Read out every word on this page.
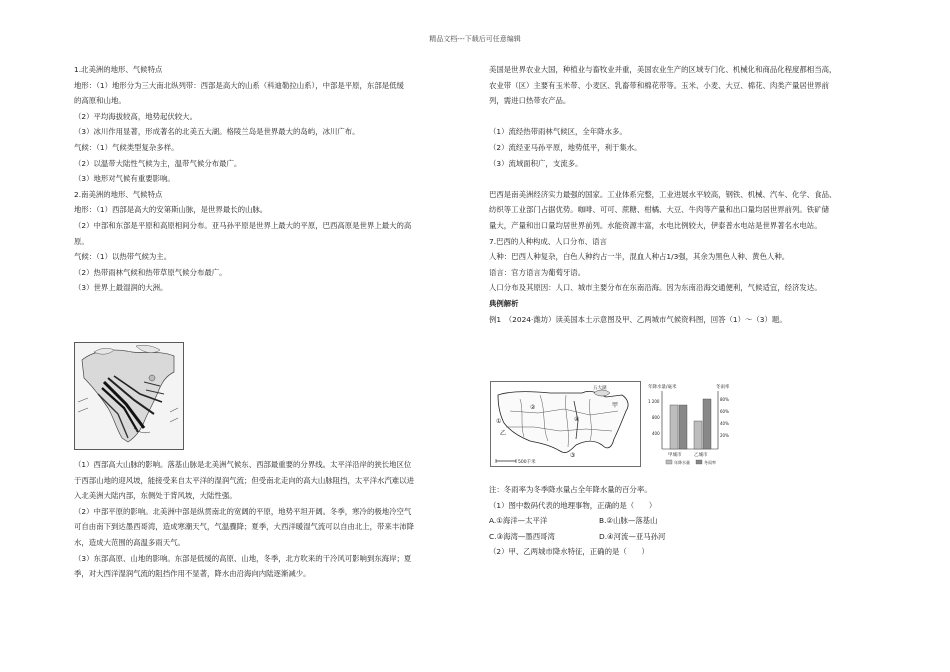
精品文档---下载后可任意编辑

1.北美洲的地形、气候特点

地形：（1）地形分为三大南北纵列带：西部是高大的山系（科迪勒拉山系），中部是平原，东部是低缓

的高原和山地。

（2）平均海拔较高，地势起伏较大。

（3）冰川作用显著，形成著名的北美五大湖。格陵兰岛是世界最大的岛屿，冰川广布。

气候：（1）气候类型复杂多样。

（2）以温带大陆性气候为主，温带气候分布最广。

（3）地形对气候有重要影响。

2.南美洲的地形、气候特点

地形：（1）西部是高大的安第斯山脉，是世界最长的山脉。

（2）中部和东部是平原和高原相间分布。亚马孙平原是世界上最大的平原，巴西高原是世界上最大的高

原。

气候：（1）以热带气候为主。

（2）热带雨林气候和热带草原气候分布最广。

（3）世界上最湿润的大洲。

（1）西部高大山脉的影响。落基山脉是北美洲气候东、西部最重要的分界线。太平洋沿岸的狭长地区位

于西部山地的迎风坡，能接受来自太平洋的湿润气流；但受南北走向的高大山脉阻挡，太平洋水汽难以进

入北美洲大陆内部，东侧处于背风坡，大陆性强。

（2）中部平原的影响。北美洲中部是纵贯南北的宽阔的平原，地势平坦开阔。冬季，寒冷的极地冷空气

可自由南下到达墨西哥湾，造成寒潮天气，气温骤降；夏季，大西洋暖湿气流可以自由北上，带来丰沛降

水，造成大范围的高温多雨天气。

（3）东部高原、山地的影响。东部是低缓的高原、山地，冬季，北方吹来的干冷风可影响到东海岸；夏

季，对大西洋湿润气流的阻挡作用不显著，降水由沿海向内陆逐渐减少。

美国是世界农业大国，种植业与畜牧业并重，美国农业生产的区域专门化、机械化和商品化程度都相当高，

农业带（区）主要有玉米带、小麦区、乳畜带和棉花带等。玉米、小麦、大豆、棉花、肉类产量居世界前

列，需进口热带农产品。

（1）流经热带雨林气候区，全年降水多。

（2）流经亚马孙平原，地势低平，利于集水。

（3）流域面积广，支流多。

巴西是南美洲经济实力最强的国家。工业体系完整，工业进展水平较高，钢铁、机械、汽车、化学、食品、

纺织等工业部门占据优势。咖啡、可可、蔗糖、柑橘、大豆、牛肉等产量和出口量均居世界前列。铁矿储

量大，产量和出口量均居世界前列。水能资源丰富，水电比例较大，伊泰普水电站是世界著名水电站。

7.巴西的人种构成、人口分布、语言

人种：巴西人种复杂，白色人种约占一半，混血人种占1/3强，其余为黑色人种、黄色人种。

语言：官方语言为葡萄牙语。

人口分布及其原因：人口、城市主要分布在东南沿海。因为东南沿海交通便利，气候适宜，经济发达。

典例解析

例1　（2024·潍坊）读美国本土示意图及甲、乙两城市气候资料图，回答（1）～（3）题。

五大湖
①
②
③
④
乙
甲
500千米
年降水量/毫米	冬雨率
1 200
800
400
80%
60%
40%
20%
甲城市	乙城市
年降水量	冬雨率

注：冬雨率为冬季降水量占全年降水量的百分率。

（1）图中数码代表的地理事物，正确的是（　　）

A.①海洋—太平洋	B.②山脉—落基山
C.③海湾—墨西哥湾	D.④河流—亚马孙河

（2）甲、乙两城市降水特征，正确的是（　　）
